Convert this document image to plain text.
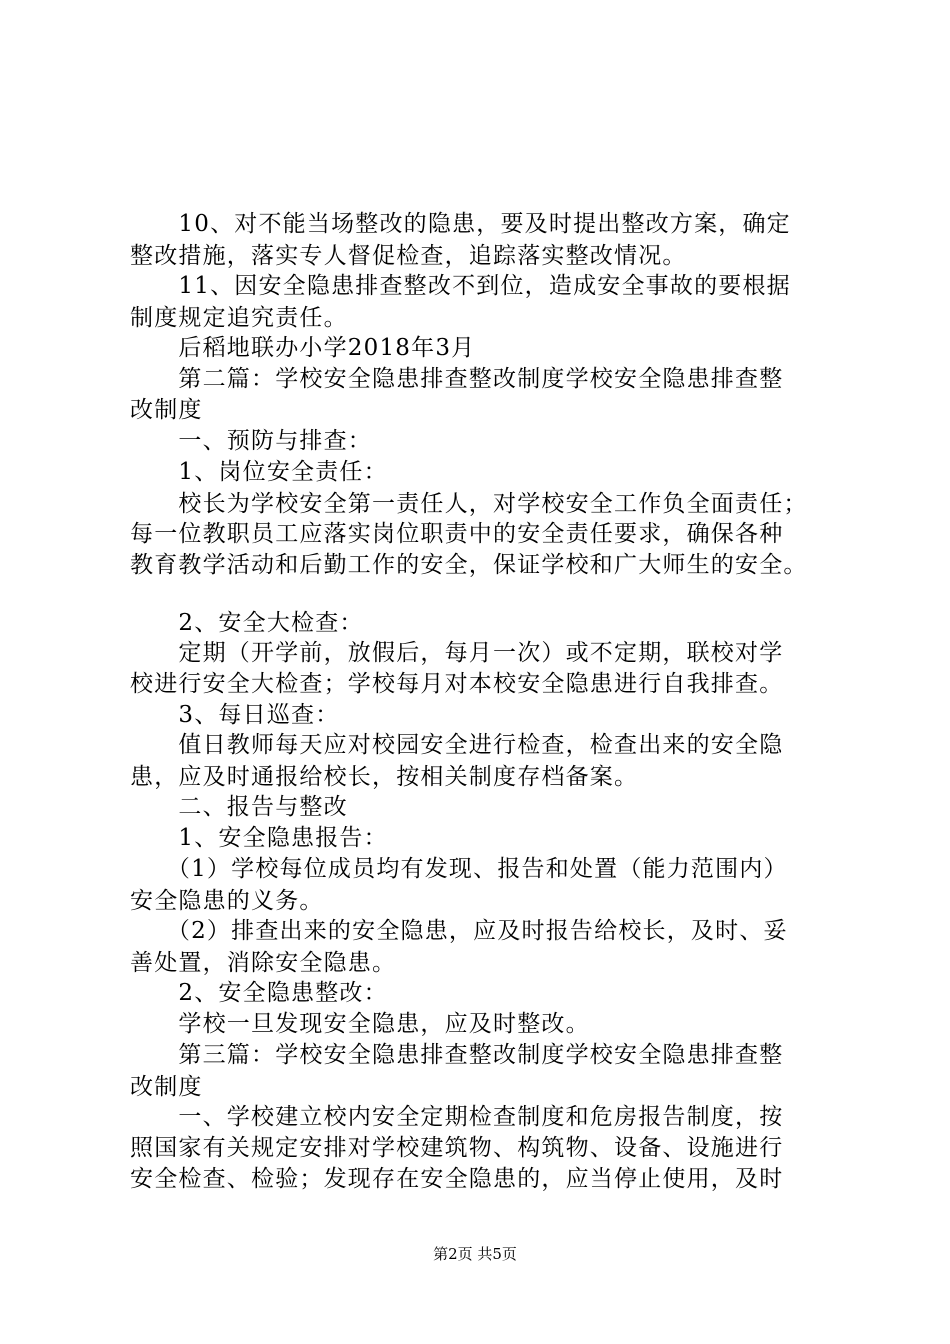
　　10、对不能当场整改的隐患，要及时提出整改方案，确定
整改措施，落实专人督促检查，追踪落实整改情况。
　　11、因安全隐患排查整改不到位，造成安全事故的要根据
制度规定追究责任。
　　后稻地联办小学2018年3月
　　第二篇：学校安全隐患排查整改制度学校安全隐患排查整
改制度
　　一、预防与排查：
　　1、岗位安全责任：
　　校长为学校安全第一责任人，对学校安全工作负全面责任；
每一位教职员工应落实岗位职责中的安全责任要求，确保各种
教育教学活动和后勤工作的安全，保证学校和广大师生的安全。
　　2、安全大检查：
　　定期（开学前，放假后，每月一次）或不定期，联校对学
校进行安全大检查；学校每月对本校安全隐患进行自我排查。
　　3、每日巡查：
　　值日教师每天应对校园安全进行检查，检查出来的安全隐
患，应及时通报给校长，按相关制度存档备案。
　　二、报告与整改
　　1、安全隐患报告：
　　（1）学校每位成员均有发现、报告和处置（能力范围内）
安全隐患的义务。
　　（2）排查出来的安全隐患，应及时报告给校长，及时、妥
善处置，消除安全隐患。
　　2、安全隐患整改：
　　学校一旦发现安全隐患，应及时整改。
　　第三篇：学校安全隐患排查整改制度学校安全隐患排查整
改制度
　　一、学校建立校内安全定期检查制度和危房报告制度，按
照国家有关规定安排对学校建筑物、构筑物、设备、设施进行
安全检查、检验；发现存在安全隐患的，应当停止使用，及时
第2页 共5页
